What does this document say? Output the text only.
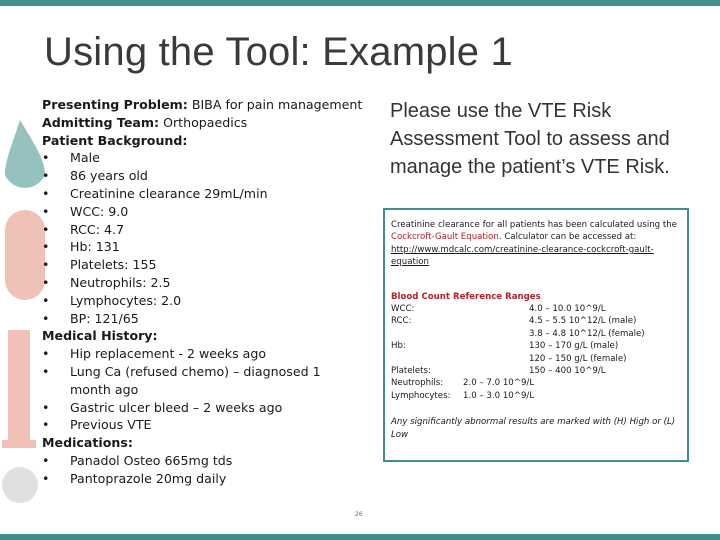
Using the Tool: Example 1
Presenting Problem: BIBA for pain management
Admitting Team: Orthopaedics
Patient Background:
•	Male
•	86 years old
•	Creatinine clearance 29mL/min
•	WCC: 9.0
•	RCC: 4.7
•	Hb: 131
•	Platelets: 155
•	Neutrophils: 2.5
•	Lymphocytes: 2.0
•	BP: 121/65
Medical History:
•	Hip replacement - 2 weeks ago
•	Lung Ca (refused chemo) – diagnosed 1 month ago
•	Gastric ulcer bleed – 2 weeks ago
•	Previous VTE
Medications:
•	Panadol Osteo 665mg tds
•	Pantoprazole 20mg daily
Please use the VTE Risk Assessment Tool to assess and manage the patient’s VTE Risk.
Creatinine clearance for all patients has been calculated using the Cockcroft-Gault Equation. Calculator can be accessed at: http://www.mdcalc.com/creatinine-clearance-cockcroft-gault-equation
Blood Count Reference Ranges
WCC:	4.0 – 10.0 10^9/L
RCC:	4.5 – 5.5 10^12/L (male)
3.8 – 4.8 10^12/L (female)
Hb:	130 – 170 g/L (male)
120 – 150 g/L (female)
Platelets:	150 – 400 10^9/L
Neutrophils:	2.0 – 7.0 10^9/L
Lymphocytes:	1.0 – 3.0 10^9/L
Any significantly abnormal results are marked with (H) High or (L) Low
26
